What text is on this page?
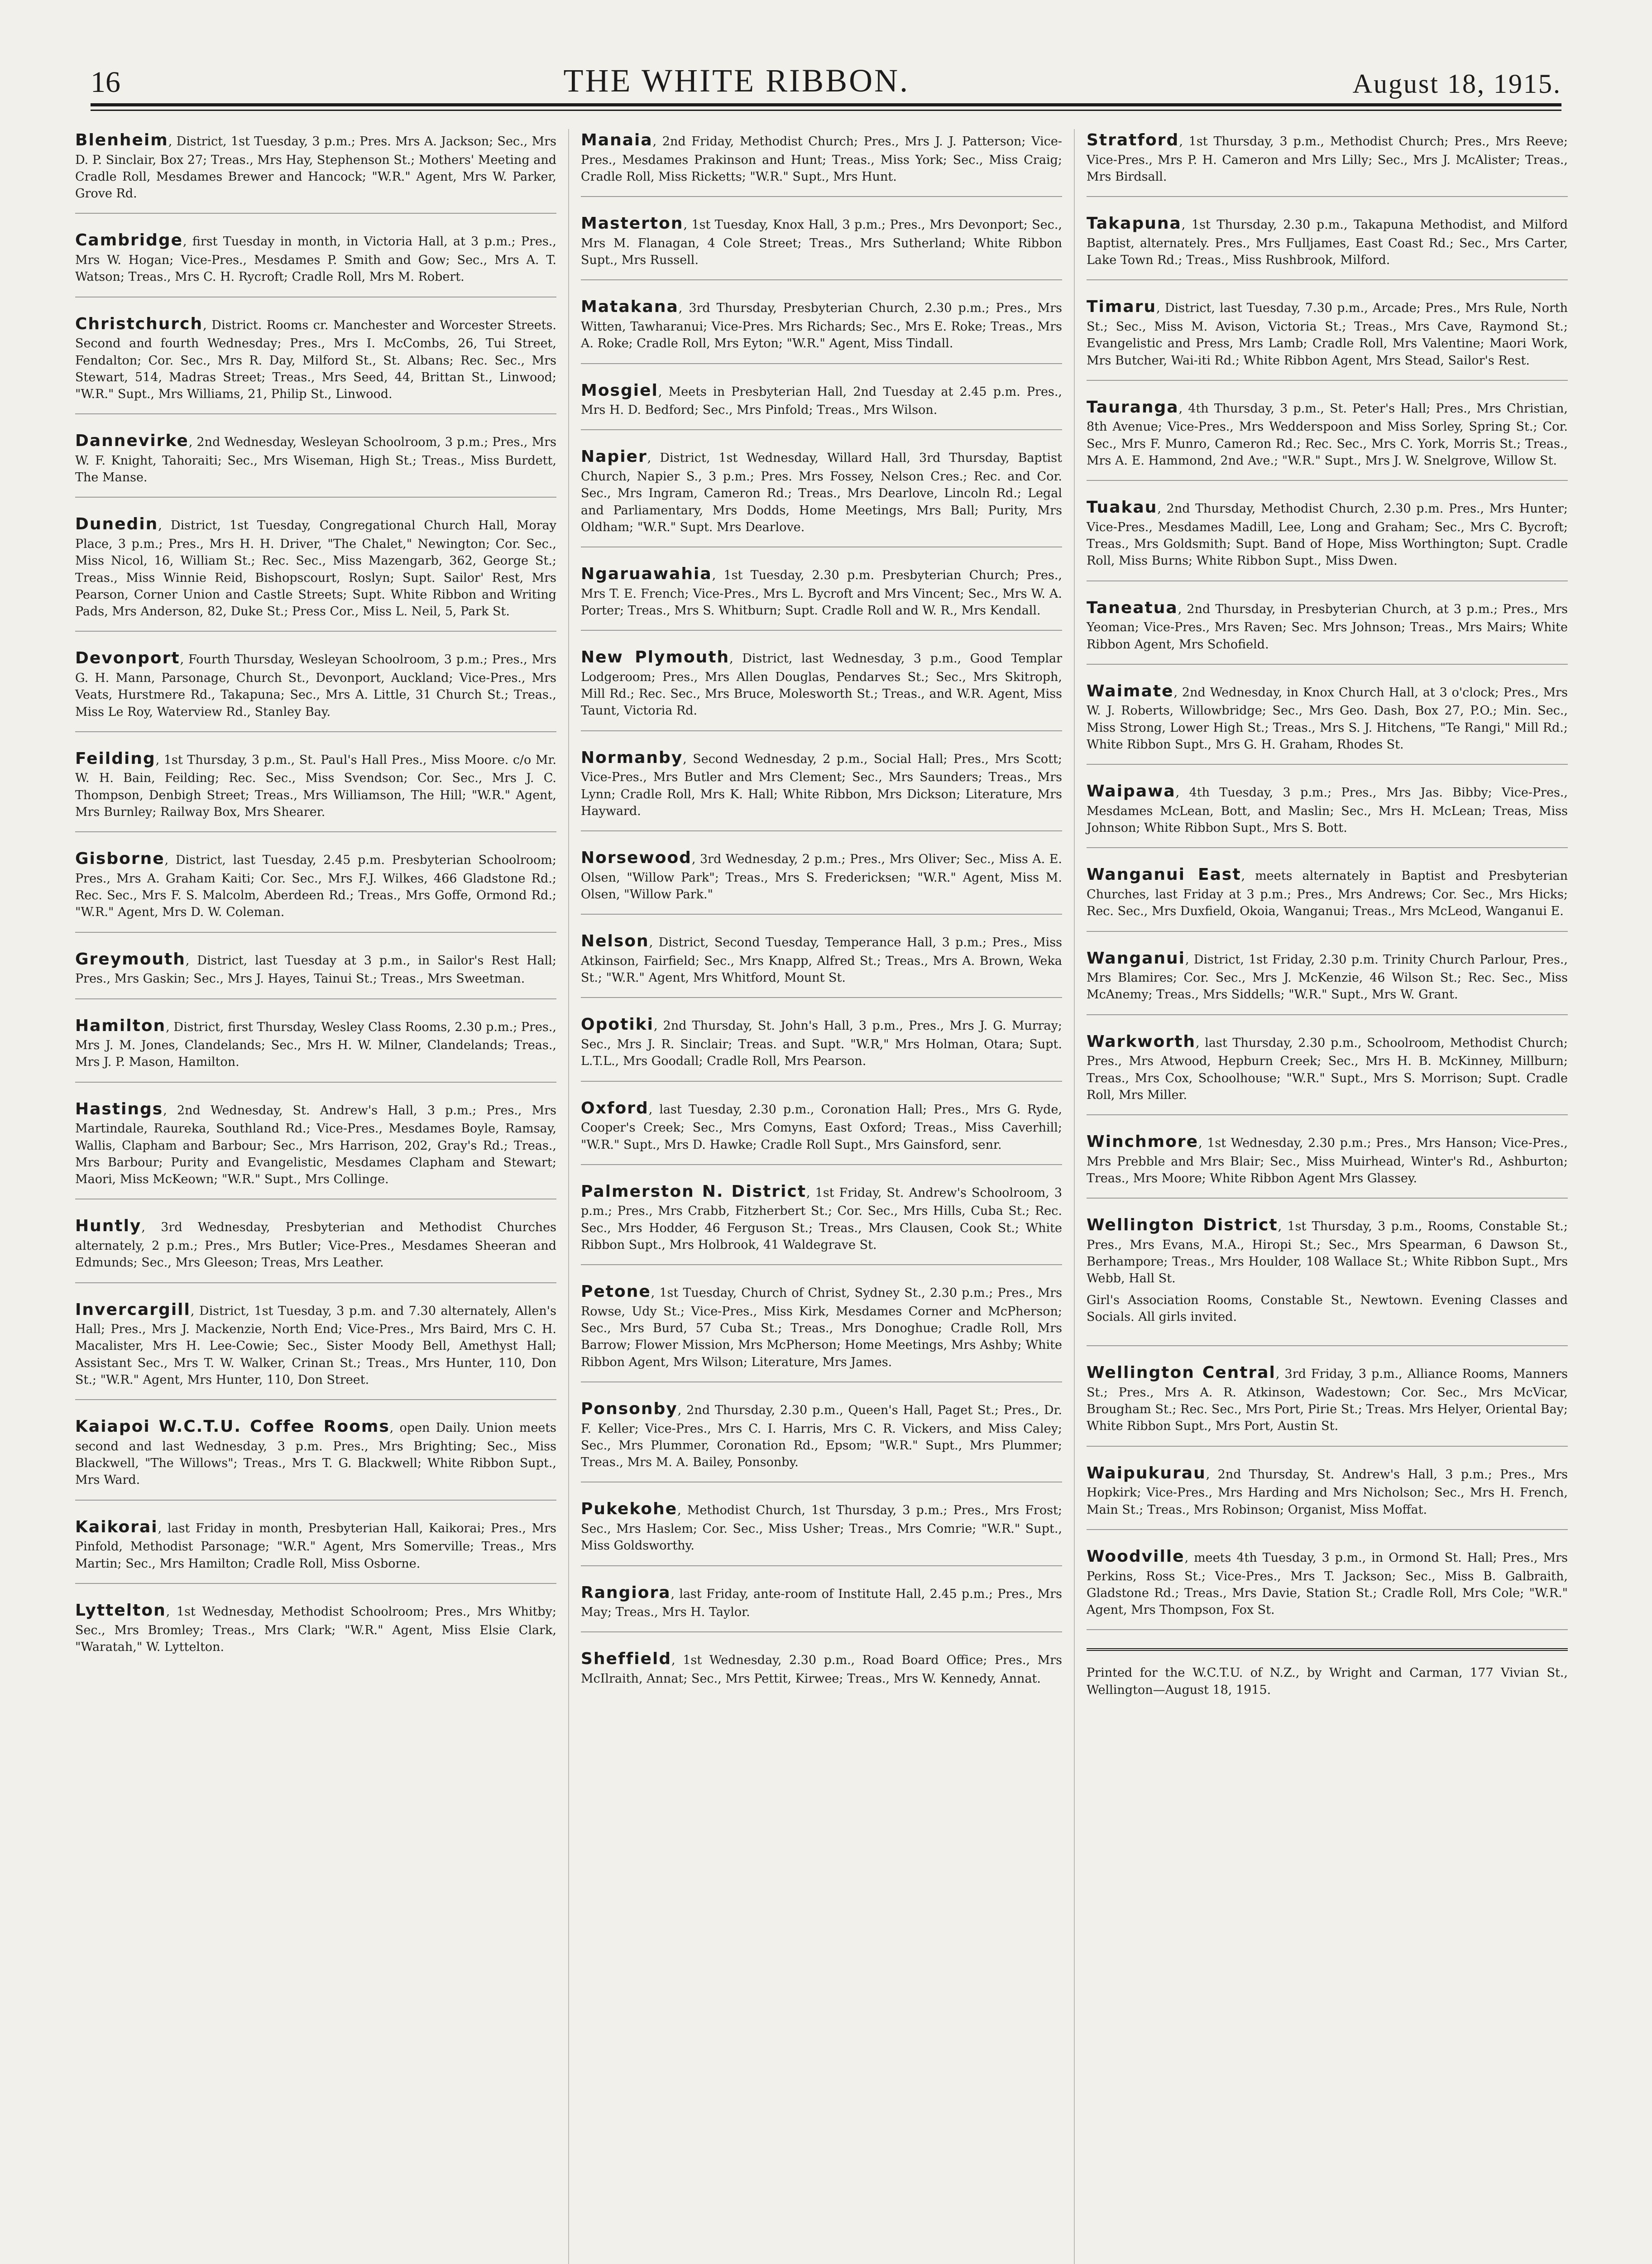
16	THE WHITE RIBBON.	August 18, 1915.
Blenheim, District, 1st Tuesday, 3 p.m.; Pres. Mrs A. Jackson; Sec., Mrs D. P. Sinclair, Box 27; Treas., Mrs Hay, Stephenson St.; Mothers' Meeting and Cradle Roll, Mesdames Brewer and Hancock; "W.R." Agent, Mrs W. Parker, Grove Rd.
Cambridge, first Tuesday in month, in Victoria Hall, at 3 p.m.; Pres., Mrs W. Hogan; Vice-Pres., Mesdames P. Smith and Gow; Sec., Mrs A. T. Watson; Treas., Mrs C. H. Rycroft; Cradle Roll, Mrs M. Robert.
Christchurch, District. Rooms cr. Manchester and Worcester Streets. Second and fourth Wednesday; Pres., Mrs I. McCombs, 26, Tui Street, Fendalton; Cor. Sec., Mrs R. Day, Milford St., St. Albans; Rec. Sec., Mrs Stewart, 514, Madras Street; Treas., Mrs Seed, 44, Brittan St., Linwood; "W.R." Supt., Mrs Williams, 21, Philip St., Linwood.
Dannevirke, 2nd Wednesday, Wesleyan Schoolroom, 3 p.m.; Pres., Mrs W. F. Knight, Tahoraiti; Sec., Mrs Wiseman, High St.; Treas., Miss Burdett, The Manse.
Dunedin, District, 1st Tuesday, Congregational Church Hall, Moray Place, 3 p.m.; Pres., Mrs H. H. Driver, "The Chalet," Newington; Cor. Sec., Miss Nicol, 16, William St.; Rec. Sec., Miss Mazengarb, 362, George St.; Treas., Miss Winnie Reid, Bishopscourt, Roslyn; Supt. Sailor' Rest, Mrs Pearson, Corner Union and Castle Streets; Supt. White Ribbon and Writing Pads, Mrs Anderson, 82, Duke St.; Press Cor., Miss L. Neil, 5, Park St.
Devonport, Fourth Thursday, Wesleyan Schoolroom, 3 p.m.; Pres., Mrs G. H. Mann, Parsonage, Church St., Devonport, Auckland; Vice-Pres., Mrs Veats, Hurstmere Rd., Takapuna; Sec., Mrs A. Little, 31 Church St.; Treas., Miss Le Roy, Waterview Rd., Stanley Bay.
Feilding, 1st Thursday, 3 p.m., St. Paul's Hall Pres., Miss Moore. c/o Mr. W. H. Bain, Feilding; Rec. Sec., Miss Svendson; Cor. Sec., Mrs J. C. Thompson, Denbigh Street; Treas., Mrs Williamson, The Hill; "W.R." Agent, Mrs Burnley; Railway Box, Mrs Shearer.
Gisborne, District, last Tuesday, 2.45 p.m. Presbyterian Schoolroom; Pres., Mrs A. Graham Kaiti; Cor. Sec., Mrs F.J. Wilkes, 466 Gladstone Rd.; Rec. Sec., Mrs F. S. Malcolm, Aberdeen Rd.; Treas., Mrs Goffe, Ormond Rd.; "W.R." Agent, Mrs D. W. Coleman.
Greymouth, District, last Tuesday at 3 p.m., in Sailor's Rest Hall; Pres., Mrs Gaskin; Sec., Mrs J. Hayes, Tainui St.; Treas., Mrs Sweetman.
Hamilton, District, first Thursday, Wesley Class Rooms, 2.30 p.m.; Pres., Mrs J. M. Jones, Clandelands; Sec., Mrs H. W. Milner, Clandelands; Treas., Mrs J. P. Mason, Hamilton.
Hastings, 2nd Wednesday, St. Andrew's Hall, 3 p.m.; Pres., Mrs Martindale, Raureka, Southland Rd.; Vice-Pres., Mesdames Boyle, Ramsay, Wallis, Clapham and Barbour; Sec., Mrs Harrison, 202, Gray's Rd.; Treas., Mrs Barbour; Purity and Evangelistic, Mesdames Clapham and Stewart; Maori, Miss McKeown; "W.R." Supt., Mrs Collinge.
Huntly, 3rd Wednesday, Presbyterian and Methodist Churches alternately, 2 p.m.; Pres., Mrs Butler; Vice-Pres., Mesdames Sheeran and Edmunds; Sec., Mrs Gleeson; Treas, Mrs Leather.
Invercargill, District, 1st Tuesday, 3 p.m. and 7.30 alternately, Allen's Hall; Pres., Mrs J. Mackenzie, North End; Vice-Pres., Mrs Baird, Mrs C. H. Macalister, Mrs H. Lee-Cowie; Sec., Sister Moody Bell, Amethyst Hall; Assistant Sec., Mrs T. W. Walker, Crinan St.; Treas., Mrs Hunter, 110, Don St.; "W.R." Agent, Mrs Hunter, 110, Don Street.
Kaiapoi W.C.T.U. Coffee Rooms, open Daily. Union meets second and last Wednesday, 3 p.m. Pres., Mrs Brighting; Sec., Miss Blackwell, "The Willows"; Treas., Mrs T. G. Blackwell; White Ribbon Supt., Mrs Ward.
Kaikorai, last Friday in month, Presbyterian Hall, Kaikorai; Pres., Mrs Pinfold, Methodist Parsonage; "W.R." Agent, Mrs Somerville; Treas., Mrs Martin; Sec., Mrs Hamilton; Cradle Roll, Miss Osborne.
Lyttelton, 1st Wednesday, Methodist Schoolroom; Pres., Mrs Whitby; Sec., Mrs Bromley; Treas., Mrs Clark; "W.R." Agent, Miss Elsie Clark, "Waratah," W. Lyttelton.
Manaia, 2nd Friday, Methodist Church; Pres., Mrs J. J. Patterson; Vice-Pres., Mesdames Prakinson and Hunt; Treas., Miss York; Sec., Miss Craig; Cradle Roll, Miss Ricketts; "W.R." Supt., Mrs Hunt.
Masterton, 1st Tuesday, Knox Hall, 3 p.m.; Pres., Mrs Devonport; Sec., Mrs M. Flanagan, 4 Cole Street; Treas., Mrs Sutherland; White Ribbon Supt., Mrs Russell.
Matakana, 3rd Thursday, Presbyterian Church, 2.30 p.m.; Pres., Mrs Witten, Tawharanui; Vice-Pres. Mrs Richards; Sec., Mrs E. Roke; Treas., Mrs A. Roke; Cradle Roll, Mrs Eyton; "W.R." Agent, Miss Tindall.
Mosgiel, Meets in Presbyterian Hall, 2nd Tuesday at 2.45 p.m. Pres., Mrs H. D. Bedford; Sec., Mrs Pinfold; Treas., Mrs Wilson.
Napier, District, 1st Wednesday, Willard Hall, 3rd Thursday, Baptist Church, Napier S., 3 p.m.; Pres. Mrs Fossey, Nelson Cres.; Rec. and Cor. Sec., Mrs Ingram, Cameron Rd.; Treas., Mrs Dearlove, Lincoln Rd.; Legal and Parliamentary, Mrs Dodds, Home Meetings, Mrs Ball; Purity, Mrs Oldham; "W.R." Supt. Mrs Dearlove.
Ngaruawahia, 1st Tuesday, 2.30 p.m. Presbyterian Church; Pres., Mrs T. E. French; Vice-Pres., Mrs L. Bycroft and Mrs Vincent; Sec., Mrs W. A. Porter; Treas., Mrs S. Whitburn; Supt. Cradle Roll and W. R., Mrs Kendall.
New Plymouth, District, last Wednesday, 3 p.m., Good Templar Lodgeroom; Pres., Mrs Allen Douglas, Pendarves St.; Sec., Mrs Skitroph, Mill Rd.; Rec. Sec., Mrs Bruce, Molesworth St.; Treas., and W.R. Agent, Miss Taunt, Victoria Rd.
Normanby, Second Wednesday, 2 p.m., Social Hall; Pres., Mrs Scott; Vice-Pres., Mrs Butler and Mrs Clement; Sec., Mrs Saunders; Treas., Mrs Lynn; Cradle Roll, Mrs K. Hall; White Ribbon, Mrs Dickson; Literature, Mrs Hayward.
Norsewood, 3rd Wednesday, 2 p.m.; Pres., Mrs Oliver; Sec., Miss A. E. Olsen, "Willow Park"; Treas., Mrs S. Fredericksen; "W.R." Agent, Miss M. Olsen, "Willow Park."
Nelson, District, Second Tuesday, Temperance Hall, 3 p.m.; Pres., Miss Atkinson, Fairfield; Sec., Mrs Knapp, Alfred St.; Treas., Mrs A. Brown, Weka St.; "W.R." Agent, Mrs Whitford, Mount St.
Opotiki, 2nd Thursday, St. John's Hall, 3 p.m., Pres., Mrs J. G. Murray; Sec., Mrs J. R. Sinclair; Treas. and Supt. "W.R," Mrs Holman, Otara; Supt. L.T.L., Mrs Goodall; Cradle Roll, Mrs Pearson.
Oxford, last Tuesday, 2.30 p.m., Coronation Hall; Pres., Mrs G. Ryde, Cooper's Creek; Sec., Mrs Comyns, East Oxford; Treas., Miss Caverhill; "W.R." Supt., Mrs D. Hawke; Cradle Roll Supt., Mrs Gainsford, senr.
Palmerston N. District, 1st Friday, St. Andrew's Schoolroom, 3 p.m.; Pres., Mrs Crabb, Fitzherbert St.; Cor. Sec., Mrs Hills, Cuba St.; Rec. Sec., Mrs Hodder, 46 Ferguson St.; Treas., Mrs Clausen, Cook St.; White Ribbon Supt., Mrs Holbrook, 41 Waldegrave St.
Petone, 1st Tuesday, Church of Christ, Sydney St., 2.30 p.m.; Pres., Mrs Rowse, Udy St.; Vice-Pres., Miss Kirk, Mesdames Corner and McPherson; Sec., Mrs Burd, 57 Cuba St.; Treas., Mrs Donoghue; Cradle Roll, Mrs Barrow; Flower Mission, Mrs McPherson; Home Meetings, Mrs Ashby; White Ribbon Agent, Mrs Wilson; Literature, Mrs James.
Ponsonby, 2nd Thursday, 2.30 p.m., Queen's Hall, Paget St.; Pres., Dr. F. Keller; Vice-Pres., Mrs C. I. Harris, Mrs C. R. Vickers, and Miss Caley; Sec., Mrs Plummer, Coronation Rd., Epsom; "W.R." Supt., Mrs Plummer; Treas., Mrs M. A. Bailey, Ponsonby.
Pukekohe, Methodist Church, 1st Thursday, 3 p.m.; Pres., Mrs Frost; Sec., Mrs Haslem; Cor. Sec., Miss Usher; Treas., Mrs Comrie; "W.R." Supt., Miss Goldsworthy.
Rangiora, last Friday, ante-room of Institute Hall, 2.45 p.m.; Pres., Mrs May; Treas., Mrs H. Taylor.
Sheffield, 1st Wednesday, 2.30 p.m., Road Board Office; Pres., Mrs McIlraith, Annat; Sec., Mrs Pettit, Kirwee; Treas., Mrs W. Kennedy, Annat.
Stratford, 1st Thursday, 3 p.m., Methodist Church; Pres., Mrs Reeve; Vice-Pres., Mrs P. H. Cameron and Mrs Lilly; Sec., Mrs J. McAlister; Treas., Mrs Birdsall.
Takapuna, 1st Thursday, 2.30 p.m., Takapuna Methodist, and Milford Baptist, alternately. Pres., Mrs Fulljames, East Coast Rd.; Sec., Mrs Carter, Lake Town Rd.; Treas., Miss Rushbrook, Milford.
Timaru, District, last Tuesday, 7.30 p.m., Arcade; Pres., Mrs Rule, North St.; Sec., Miss M. Avison, Victoria St.; Treas., Mrs Cave, Raymond St.; Evangelistic and Press, Mrs Lamb; Cradle Roll, Mrs Valentine; Maori Work, Mrs Butcher, Wai-iti Rd.; White Ribbon Agent, Mrs Stead, Sailor's Rest.
Tauranga, 4th Thursday, 3 p.m., St. Peter's Hall; Pres., Mrs Christian, 8th Avenue; Vice-Pres., Mrs Wedderspoon and Miss Sorley, Spring St.; Cor. Sec., Mrs F. Munro, Cameron Rd.; Rec. Sec., Mrs C. York, Morris St.; Treas., Mrs A. E. Hammond, 2nd Ave.; "W.R." Supt., Mrs J. W. Snelgrove, Willow St.
Tuakau, 2nd Thursday, Methodist Church, 2.30 p.m. Pres., Mrs Hunter; Vice-Pres., Mesdames Madill, Lee, Long and Graham; Sec., Mrs C. Bycroft; Treas., Mrs Goldsmith; Supt. Band of Hope, Miss Worthington; Supt. Cradle Roll, Miss Burns; White Ribbon Supt., Miss Dwen.
Taneatua, 2nd Thursday, in Presbyterian Church, at 3 p.m.; Pres., Mrs Yeoman; Vice-Pres., Mrs Raven; Sec. Mrs Johnson; Treas., Mrs Mairs; White Ribbon Agent, Mrs Schofield.
Waimate, 2nd Wednesday, in Knox Church Hall, at 3 o'clock; Pres., Mrs W. J. Roberts, Willowbridge; Sec., Mrs Geo. Dash, Box 27, P.O.; Min. Sec., Miss Strong, Lower High St.; Treas., Mrs S. J. Hitchens, "Te Rangi," Mill Rd.; White Ribbon Supt., Mrs G. H. Graham, Rhodes St.
Waipawa, 4th Tuesday, 3 p.m.; Pres., Mrs Jas. Bibby; Vice-Pres., Mesdames McLean, Bott, and Maslin; Sec., Mrs H. McLean; Treas, Miss Johnson; White Ribbon Supt., Mrs S. Bott.
Wanganui East, meets alternately in Baptist and Presbyterian Churches, last Friday at 3 p.m.; Pres., Mrs Andrews; Cor. Sec., Mrs Hicks; Rec. Sec., Mrs Duxfield, Okoia, Wanganui; Treas., Mrs McLeod, Wanganui E.
Wanganui, District, 1st Friday, 2.30 p.m. Trinity Church Parlour, Pres., Mrs Blamires; Cor. Sec., Mrs J. McKenzie, 46 Wilson St.; Rec. Sec., Miss McAnemy; Treas., Mrs Siddells; "W.R." Supt., Mrs W. Grant.
Warkworth, last Thursday, 2.30 p.m., Schoolroom, Methodist Church; Pres., Mrs Atwood, Hepburn Creek; Sec., Mrs H. B. McKinney, Millburn; Treas., Mrs Cox, Schoolhouse; "W.R." Supt., Mrs S. Morrison; Supt. Cradle Roll, Mrs Miller.
Winchmore, 1st Wednesday, 2.30 p.m.; Pres., Mrs Hanson; Vice-Pres., Mrs Prebble and Mrs Blair; Sec., Miss Muirhead, Winter's Rd., Ashburton; Treas., Mrs Moore; White Ribbon Agent Mrs Glassey.
Wellington District, 1st Thursday, 3 p.m., Rooms, Constable St.; Pres., Mrs Evans, M.A., Hiropi St.; Sec., Mrs Spearman, 6 Dawson St., Berhampore; Treas., Mrs Houlder, 108 Wallace St.; White Ribbon Supt., Mrs Webb, Hall St.
Girl's Association Rooms, Constable St., Newtown. Evening Classes and Socials. All girls invited.
Wellington Central, 3rd Friday, 3 p.m., Alliance Rooms, Manners St.; Pres., Mrs A. R. Atkinson, Wadestown; Cor. Sec., Mrs McVicar, Brougham St.; Rec. Sec., Mrs Port, Pirie St.; Treas. Mrs Helyer, Oriental Bay; White Ribbon Supt., Mrs Port, Austin St.
Waipukurau, 2nd Thursday, St. Andrew's Hall, 3 p.m.; Pres., Mrs Hopkirk; Vice-Pres., Mrs Harding and Mrs Nicholson; Sec., Mrs H. French, Main St.; Treas., Mrs Robinson; Organist, Miss Moffat.
Woodville, meets 4th Tuesday, 3 p.m., in Ormond St. Hall; Pres., Mrs Perkins, Ross St.; Vice-Pres., Mrs T. Jackson; Sec., Miss B. Galbraith, Gladstone Rd.; Treas., Mrs Davie, Station St.; Cradle Roll, Mrs Cole; "W.R." Agent, Mrs Thompson, Fox St.
Printed for the W.C.T.U. of N.Z., by Wright and Carman, 177 Vivian St., Wellington—August 18, 1915.
